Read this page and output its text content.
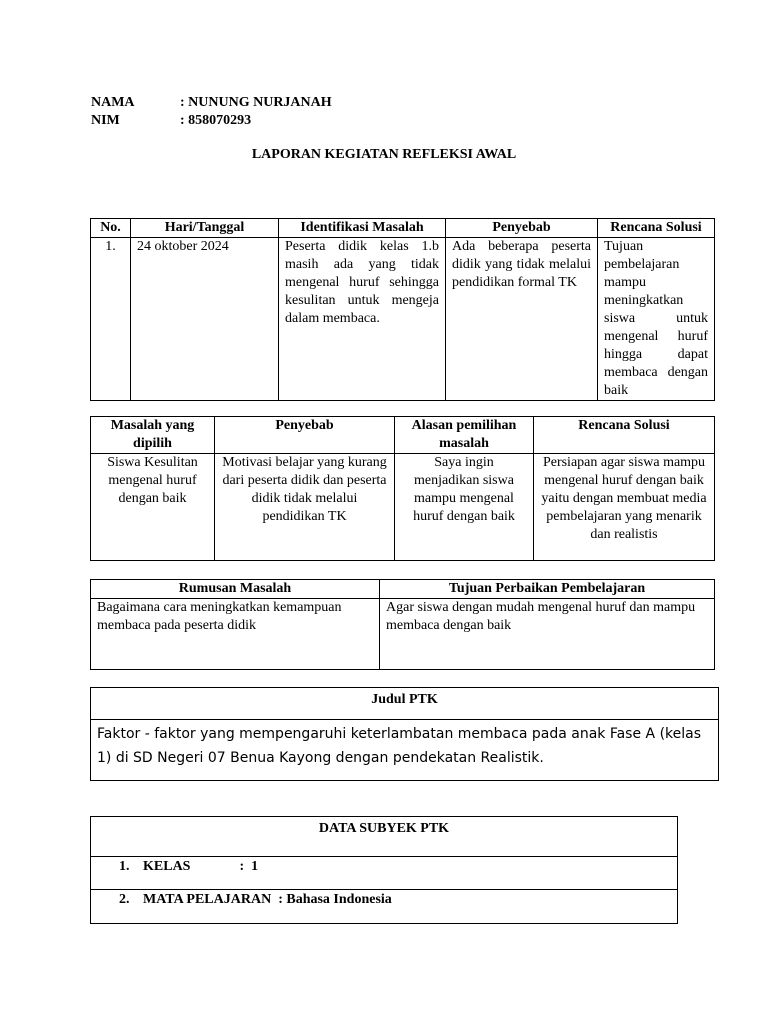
NAMA	: NUNUNG NURJANAH
NIM	: 858070293
LAPORAN KEGIATAN REFLEKSI AWAL
No.	Hari/Tanggal	Identifikasi Masalah	Penyebab	Rencana Solusi
1.	24 oktober 2024	Peserta didik kelas 1.b masih ada yang tidak mengenal huruf sehingga kesulitan untuk mengeja dalam membaca.	Ada beberapa peserta didik yang tidak melalui pendidikan formal TK	Tujuan pembelajaran mampu meningkatkan siswa untuk mengenal huruf hingga dapat membaca dengan baik
Masalah yang dipilih	Penyebab	Alasan pemilihan masalah	Rencana Solusi
Siswa Kesulitan mengenal huruf dengan baik	Motivasi belajar yang kurang dari peserta didik dan peserta didik tidak melalui pendidikan TK	Saya ingin menjadikan siswa mampu mengenal huruf dengan baik	Persiapan agar siswa mampu mengenal huruf dengan baik yaitu dengan membuat media pembelajaran yang menarik dan realistis
Rumusan Masalah	Tujuan Perbaikan Pembelajaran
Bagaimana cara meningkatkan kemampuan membaca pada peserta didik	Agar siswa dengan mudah mengenal huruf dan mampu membaca dengan baik
Judul PTK
Faktor - faktor yang mempengaruhi keterlambatan membaca pada anak Fase A (kelas 1) di SD Negeri 07 Benua Kayong dengan pendekatan Realistik.
DATA SUBYEK PTK
1. KELAS              :  1
2. MATA PELAJARAN  : Bahasa Indonesia
